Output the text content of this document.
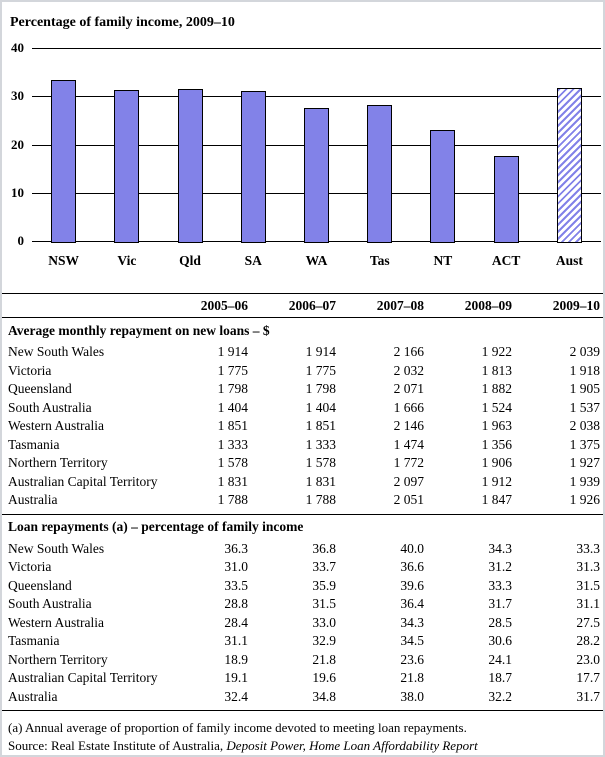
Percentage of family income, 2009–10
0
10
20
30
40
NSW	Vic	Qld	SA	WA	Tas	NT	ACT	Aust
2005–06	2006–07	2007–08	2008–09	2009–10
Average monthly repayment on new loans – $
New South Wales	1 914	1 914	2 166	1 922	2 039
Victoria	1 775	1 775	2 032	1 813	1 918
Queensland	1 798	1 798	2 071	1 882	1 905
South Australia	1 404	1 404	1 666	1 524	1 537
Western Australia	1 851	1 851	2 146	1 963	2 038
Tasmania	1 333	1 333	1 474	1 356	1 375
Northern Territory	1 578	1 578	1 772	1 906	1 927
Australian Capital Territory	1 831	1 831	2 097	1 912	1 939
Australia	1 788	1 788	2 051	1 847	1 926
Loan repayments (a) – percentage of family income
New South Wales	36.3	36.8	40.0	34.3	33.3
Victoria	31.0	33.7	36.6	31.2	31.3
Queensland	33.5	35.9	39.6	33.3	31.5
South Australia	28.8	31.5	36.4	31.7	31.1
Western Australia	28.4	33.0	34.3	28.5	27.5
Tasmania	31.1	32.9	34.5	30.6	28.2
Northern Territory	18.9	21.8	23.6	24.1	23.0
Australian Capital Territory	19.1	19.6	21.8	18.7	17.7
Australia	32.4	34.8	38.0	32.2	31.7
(a) Annual average of proportion of family income devoted to meeting loan repayments.
Source: Real Estate Institute of Australia, Deposit Power, Home Loan Affordability Report
